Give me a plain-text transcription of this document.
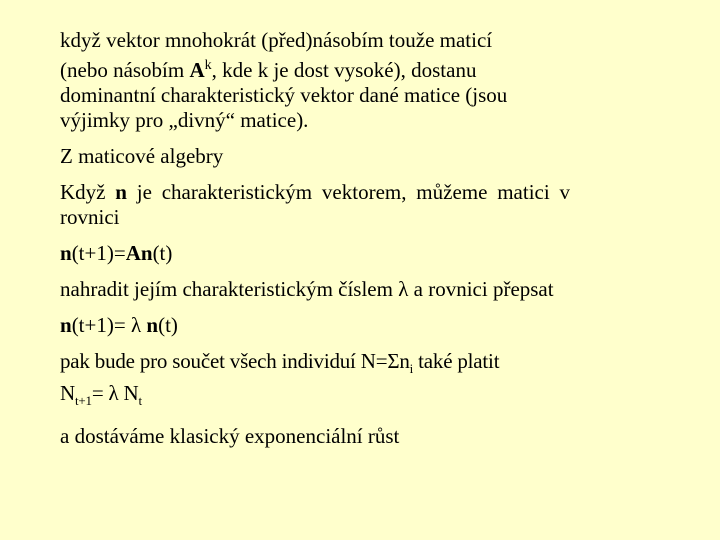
když vektor mnohokrát (před)násobím touže maticí
(nebo násobím $A^k$, kde k je dost vysoké), dostanu
dominantní charakteristický vektor dané matice (jsou
výjimky pro „divný“ matice).
Z maticové algebry
Když n je charakteristickým vektorem, můžeme matici v rovnici
n(t+1)=An(t)
nahradit jejím charakteristickým číslem λ a rovnici přepsat
n(t+1)= λ n(t)
pak bude pro součet všech individuí $N=\Sigma n_i$ také platit
$N_{t+1}= \lambda$ $N_t$
a dostáváme klasický exponenciální růst
